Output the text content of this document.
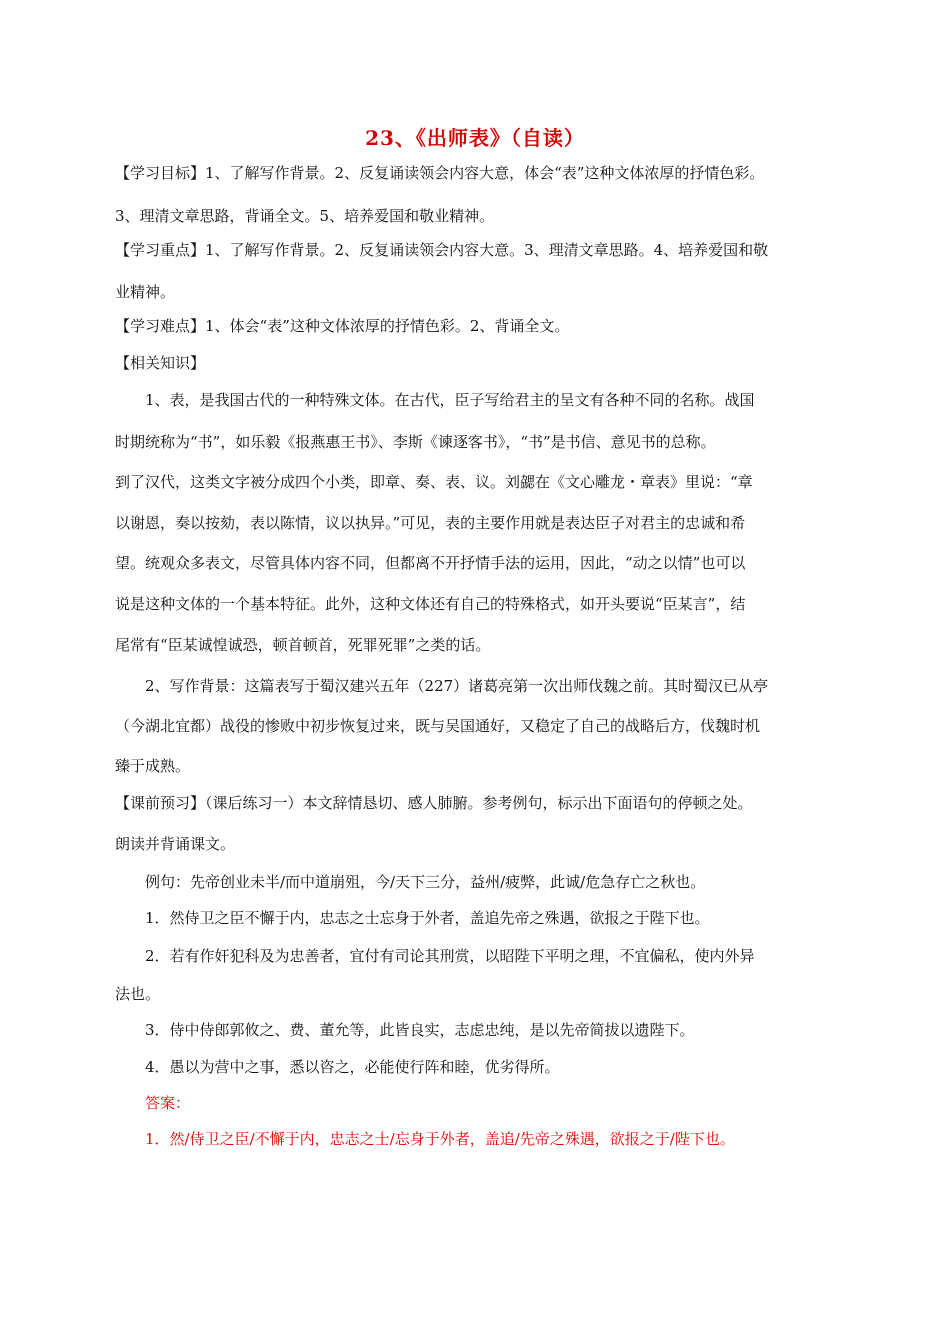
23、《出师表》（自读）
【学习目标】1、了解写作背景。2、反复诵读领会内容大意，体会“表”这种文体浓厚的抒情色彩。
3、理清文章思路，背诵全文。5、培养爱国和敬业精神。
【学习重点】1、了解写作背景。2、反复诵读领会内容大意。3、理清文章思路。4、培养爱国和敬
业精神。
【学习难点】1、体会“表”这种文体浓厚的抒情色彩。2、背诵全文。
【相关知识】
1、表，是我国古代的一种特殊文体。在古代，臣子写给君主的呈文有各种不同的名称。战国
时期统称为“书”，如乐毅《报燕惠王书》、李斯《谏逐客书》，“书”是书信、意见书的总称。
到了汉代，这类文字被分成四个小类，即章、奏、表、议。刘勰在《文心雕龙・章表》里说：“章
以谢恩，奏以按劾，表以陈情，议以执异。”可见，表的主要作用就是表达臣子对君主的忠诚和希
望。统观众多表文，尽管具体内容不同，但都离不开抒情手法的运用，因此，“动之以情”也可以
说是这种文体的一个基本特征。此外，这种文体还有自己的特殊格式，如开头要说“臣某言”，结
尾常有“臣某诚惶诚恐，顿首顿首，死罪死罪”之类的话。
2、写作背景：这篇表写于蜀汉建兴五年（227）诸葛亮第一次出师伐魏之前。其时蜀汉已从亭
（今湖北宜都）战役的惨败中初步恢复过来，既与吴国通好，又稳定了自己的战略后方，伐魏时机
臻于成熟。
【课前预习】（课后练习一）本文辞情恳切、感人肺腑。参考例句，标示出下面语句的停顿之处。
朗读并背诵课文。
例句：先帝创业未半/而中道崩殂，今/天下三分，益州/疲弊，此诚/危急存亡之秋也。
1．然侍卫之臣不懈于内，忠志之士忘身于外者，盖追先帝之殊遇，欲报之于陛下也。
2．若有作奸犯科及为忠善者，宜付有司论其刑赏，以昭陛下平明之理，不宜偏私，使内外异
法也。
3．侍中侍郎郭攸之、费、董允等，此皆良实，志虑忠纯，是以先帝简拔以遗陛下。
4．愚以为营中之事，悉以咨之，必能使行阵和睦，优劣得所。
答案：
1．然/侍卫之臣/不懈于内，忠志之士/忘身于外者，盖追/先帝之殊遇，欲报之于/陛下也。
